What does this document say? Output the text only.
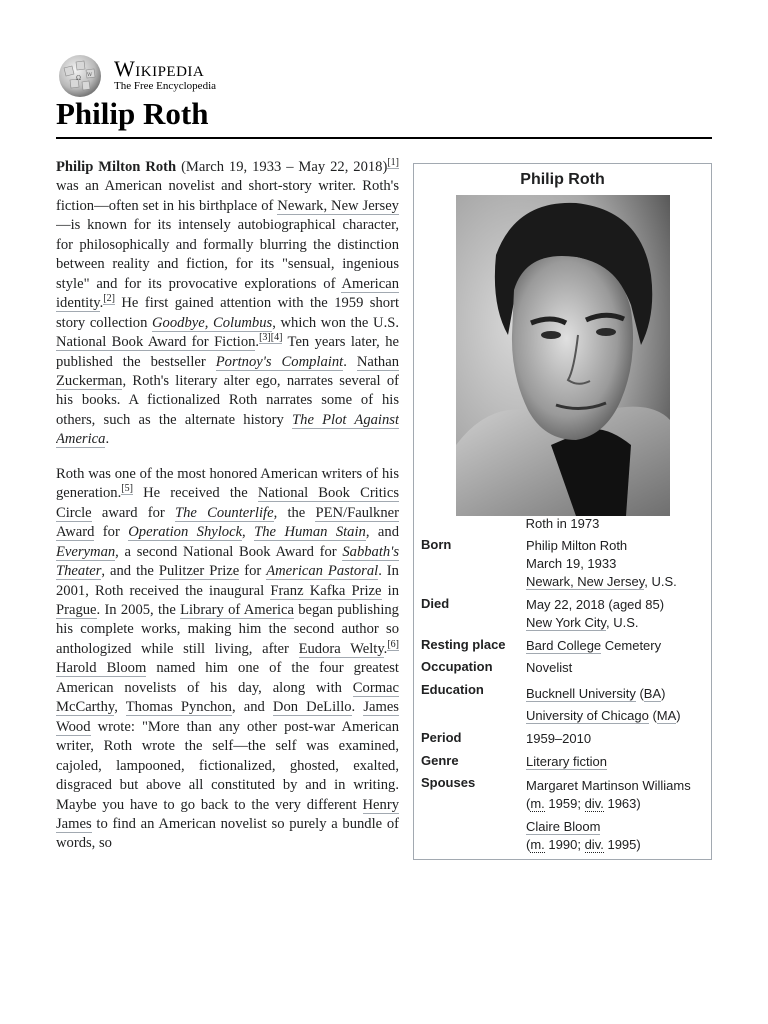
Ω W Wikipedia
The Free Encyclopedia
Philip Roth

Philip Milton Roth (March 19, 1933 – May 22, 2018)[1] was an American novelist and short-story writer. Roth's fiction—often set in his birthplace of Newark, New Jersey—is known for its intensely autobiographical character, for philosophically and formally blurring the distinction between reality and fiction, for its "sensual, ingenious style" and for its provocative explorations of American identity.[2] He first gained attention with the 1959 short story collection Goodbye, Columbus, which won the U.S. National Book Award for Fiction.[3][4] Ten years later, he published the bestseller Portnoy's Complaint. Nathan Zuckerman, Roth's literary alter ego, narrates several of his books. A fictionalized Roth narrates some of his others, such as the alternate history The Plot Against America.

Roth was one of the most honored American writers of his generation.[5] He received the National Book Critics Circle award for The Counterlife, the PEN/Faulkner Award for Operation Shylock, The Human Stain, and Everyman, a second National Book Award for Sabbath's Theater, and the Pulitzer Prize for American Pastoral. In 2001, Roth received the inaugural Franz Kafka Prize in Prague. In 2005, the Library of America began publishing his complete works, making him the second author so anthologized while still living, after Eudora Welty.[6] Harold Bloom named him one of the four greatest American novelists of his day, along with Cormac McCarthy, Thomas Pynchon, and Don DeLillo. James Wood wrote: "More than any other post-war American writer, Roth wrote the self—the self was examined, cajoled, lampooned, fictionalized, ghosted, exalted, disgraced but above all constituted by and in writing. Maybe you have to go back to the very different Henry James to find an American novelist so purely a bundle of words, so

Philip Roth
Roth in 1973
Born	Philip Milton Roth
March 19, 1933
Newark, New Jersey, U.S.
Died	May 22, 2018 (aged 85)
New York City, U.S.
Resting place	Bard College Cemetery
Occupation	Novelist
Education	Bucknell University (BA)
University of Chicago (MA)
Period	1959–2010
Genre	Literary fiction
Spouses	Margaret Martinson Williams
(m. 1959; div. 1963)
Claire Bloom
(m. 1990; div. 1995)
